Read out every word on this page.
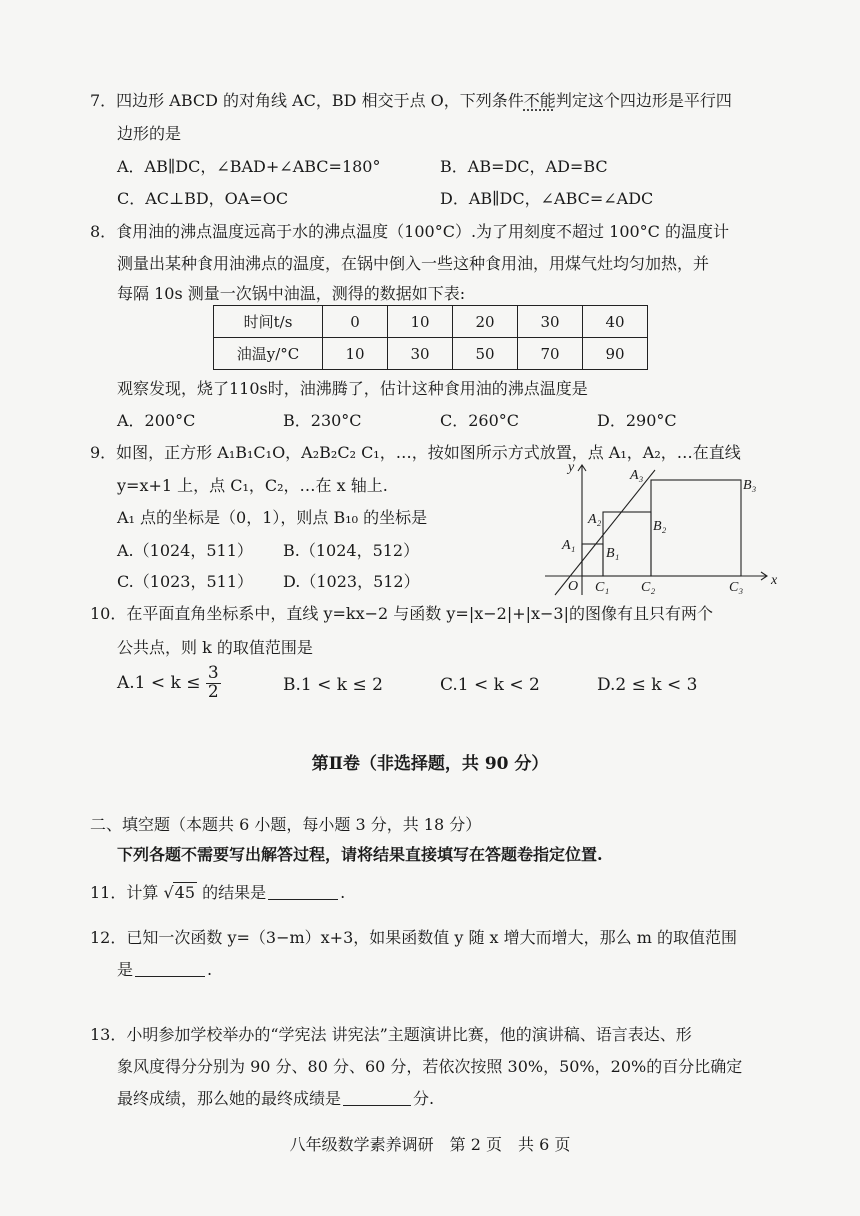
7．四边形 ABCD 的对角线 AC，BD 相交于点 O，下列条件不能判定这个四边形是平行四
边形的是
A．AB∥DC，∠BAD+∠ABC=180°	B．AB=DC，AD=BC
C．AC⊥BD，OA=OC	D．AB∥DC，∠ABC=∠ADC
8．食用油的沸点温度远高于水的沸点温度（100°C）.为了用刻度不超过 100°C 的温度计
测量出某种食用油沸点的温度，在锅中倒入一些这种食用油，用煤气灶均匀加热，并
每隔 10s 测量一次锅中油温，测得的数据如下表:
时间t/s	0	10	20	30	40
油温y/°C	10	30	50	70	90
观察发现，烧了110s时，油沸腾了，估计这种食用油的沸点温度是
A．200°C	B．230°C	C．260°C	D．290°C
9．如图，正方形 A₁B₁C₁O，A₂B₂C₂ C₁，…，按如图所示方式放置，点 A₁，A₂，…在直线
y=x+1 上，点 C₁，C₂，…在 x 轴上.
A₁ 点的坐标是（0，1），则点 B₁₀ 的坐标是
A.（1024，511） B.（1024，512）
C.（1023，511） D.（1023，512）
y
x
O
A₁
A₂
A₃
B₁
B₂
B₃
C₁ C₂	C₃
10．在平面直角坐标系中，直线 y=kx−2 与函数 y=|x−2|+|x−3|的图像有且只有两个
公共点，则 k 的取值范围是
$A.1 < k \le \frac{3}{2}$	B.1 < k ≤ 2	C.1 < k < 2	D.2 ≤ k < 3
第Ⅱ卷（非选择题，共 90 分）
二、填空题（本题共 6 小题，每小题 3 分，共 18 分）
下列各题不需要写出解答过程，请将结果直接填写在答题卷指定位置.
11．计算 √45 的结果是	.
12．已知一次函数 y=（3−m）x+3，如果函数值 y 随 x 增大而增大，那么 m 的取值范围
是	.
13．小明参加学校举办的“学宪法 讲宪法”主题演讲比赛，他的演讲稿、语言表达、形
象风度得分分别为 90 分、80 分、60 分，若依次按照 30%，50%，20%的百分比确定
最终成绩，那么她的最终成绩是	分.
八年级数学素养调研　第 2 页　共 6 页
